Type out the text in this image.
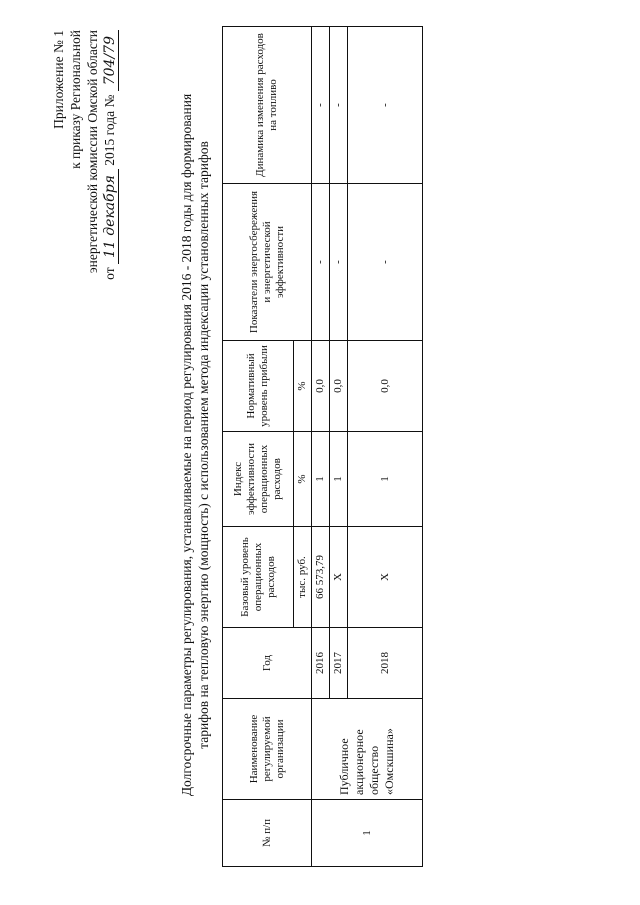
Приложение № 1 к приказу Региональной энергетической комиссии Омской области
от 11 декабря 2015 года № 704/79
Долгосрочные параметры регулирования, устанавливаемые на период регулирования 2016 - 2018 годы для формирования тарифов на тепловую энергию (мощность) с использованием метода индексации установленных тарифов
№ п/п	Наименование регулируемой организации	Год	Базовый уровень операционных расходов	Индекс эффективности операционных расходов	Нормативный уровень прибыли	Показатели энергосбережения и энергетической эффективности	Динамика изменения расходов на топливо
			тыс. руб.	%	%		
1	Публичное акционерное общество «Омскшина»	2016	66 573,79	1	0,0	-	-
		2017	Х	1	0,0	-	-
		2018	Х	1	0,0	-	-
